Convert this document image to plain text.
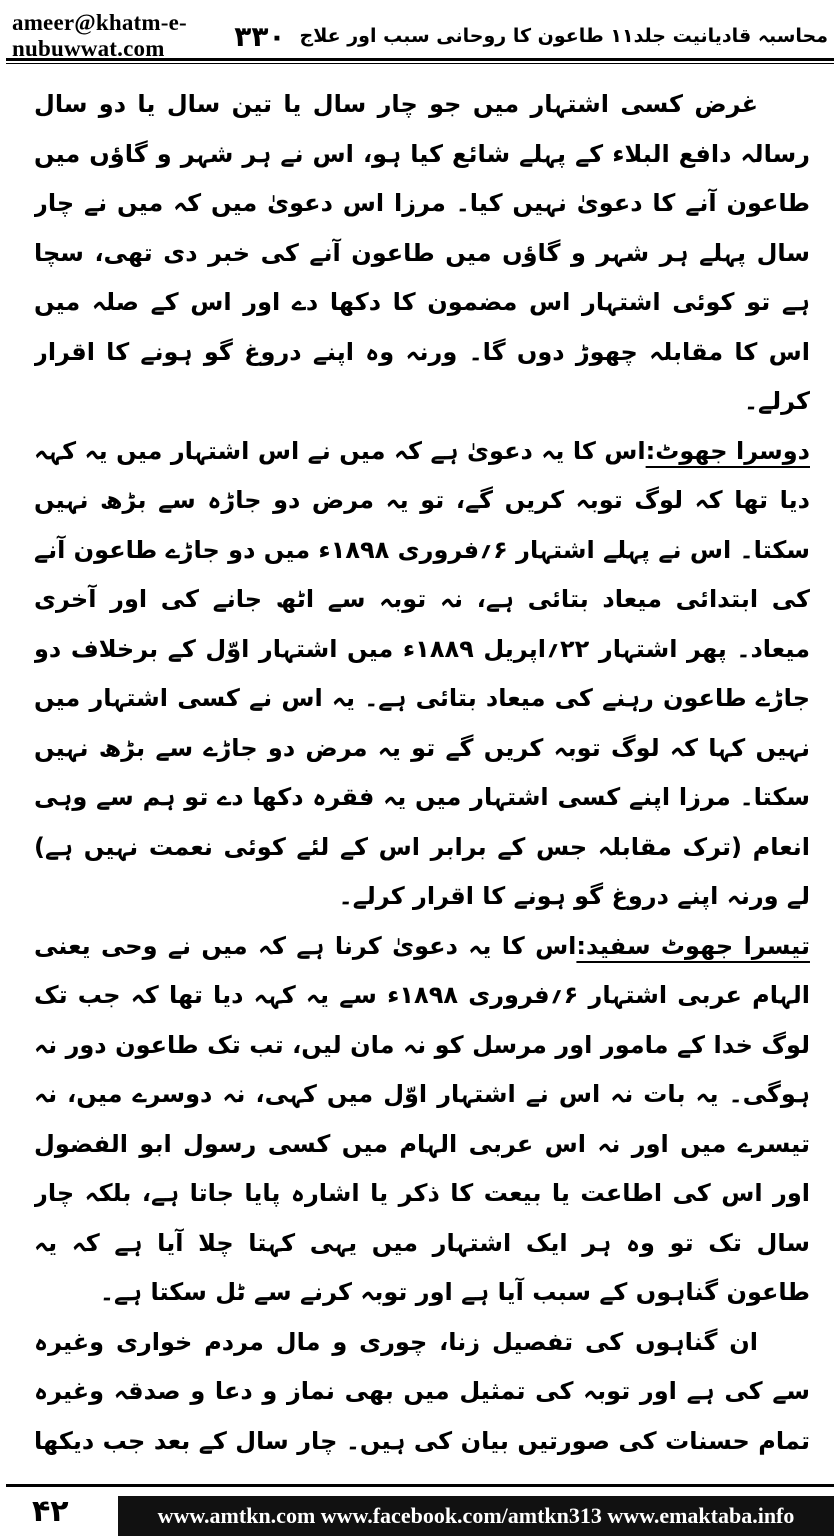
ameer@khatm-e-nubuwwat.com	محاسبہ قادیانیت جلد۱۱ طاعون کا روحانی سبب اور علاج
۳۳۰

غرض کسی اشتہار میں جو چار سال یا تین سال یا دو سال رسالہ دافع البلاء کے پہلے شائع کیا ہو، اس نے ہر شہر و گاؤں میں طاعون آنے کا دعویٰ نہیں کیا۔ مرزا اس دعویٰ میں کہ میں نے چار سال پہلے ہر شہر و گاؤں میں طاعون آنے کی خبر دی تھی، سچا ہے تو کوئی اشتہار اس مضمون کا دکھا دے اور اس کے صلہ میں اس کا مقابلہ چھوڑ دوں گا۔ ورنہ وہ اپنے دروغ گو ہونے کا اقرار کرلے۔

دوسرا جھوٹ:اس کا یہ دعویٰ ہے کہ میں نے اس اشتہار میں یہ کہہ دیا تھا کہ لوگ توبہ کریں گے، تو یہ مرض دو جاڑہ سے بڑھ نہیں سکتا۔ اس نے پہلے اشتہار ۶؍فروری ۱۸۹۸ء میں دو جاڑے طاعون آنے کی ابتدائی میعاد بتائی ہے، نہ توبہ سے اٹھ جانے کی اور آخری میعاد۔ پھر اشتہار ۲۲؍اپریل ۱۸۸۹ء میں اشتہار اوّل کے برخلاف دو جاڑے طاعون رہنے کی میعاد بتائی ہے۔ یہ اس نے کسی اشتہار میں نہیں کہا کہ لوگ توبہ کریں گے تو یہ مرض دو جاڑے سے بڑھ نہیں سکتا۔ مرزا اپنے کسی اشتہار میں یہ فقرہ دکھا دے تو ہم سے وہی انعام (ترک مقابلہ جس کے برابر اس کے لئے کوئی نعمت نہیں ہے) لے ورنہ اپنے دروغ گو ہونے کا اقرار کرلے۔

تیسرا جھوٹ سفید:اس کا یہ دعویٰ کرنا ہے کہ میں نے وحی یعنی الہام عربی اشتہار ۶؍فروری ۱۸۹۸ء سے یہ کہہ دیا تھا کہ جب تک لوگ خدا کے مامور اور مرسل کو نہ مان لیں، تب تک طاعون دور نہ ہوگی۔ یہ بات نہ اس نے اشتہار اوّل میں کہی، نہ دوسرے میں، نہ تیسرے میں اور نہ اس عربی الہام میں کسی رسول ابو الفضول اور اس کی اطاعت یا بیعت کا ذکر یا اشارہ پایا جاتا ہے، بلکہ چار سال تک تو وہ ہر ایک اشتہار میں یہی کہتا چلا آیا ہے کہ یہ طاعون گناہوں کے سبب آیا ہے اور توبہ کرنے سے ٹل سکتا ہے۔

ان گناہوں کی تفصیل زنا، چوری و مال مردم خواری وغیرہ سے کی ہے اور توبہ کی تمثیل میں بھی نماز و دعا و صدقہ وغیرہ تمام حسنات کی صورتیں بیان کی ہیں۔ چار سال کے بعد جب دیکھا

۴۲	www.amtkn.com www.facebook.com/amtkn313 www.emaktaba.info
